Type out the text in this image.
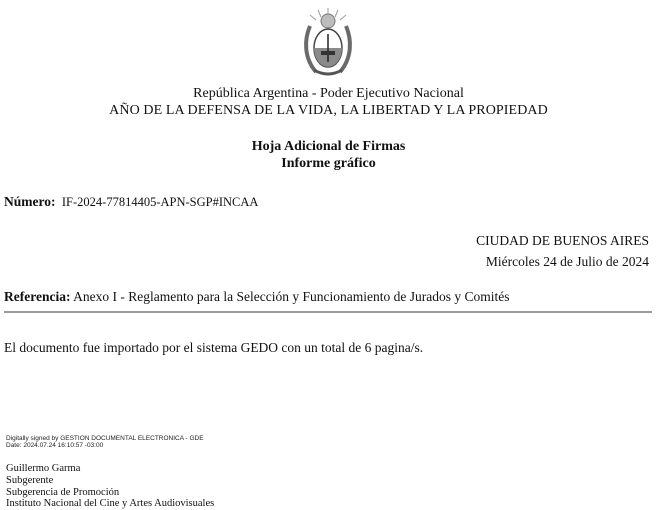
República Argentina - Poder Ejecutivo Nacional
AÑO DE LA DEFENSA DE LA VIDA, LA LIBERTAD Y LA PROPIEDAD
Hoja Adicional de Firmas
Informe gráfico
Número: IF-2024-77814405-APN-SGP#INCAA
CIUDAD DE BUENOS AIRES
Miércoles 24 de Julio de 2024
Referencia: Anexo I - Reglamento para la Selección y Funcionamiento de Jurados y Comités
El documento fue importado por el sistema GEDO con un total de 6 pagina/s.
Digitally signed by GESTION DOCUMENTAL ELECTRONICA - GDE
Date: 2024.07.24 16:10:57 -03:00
Guillermo Garma
Subgerente
Subgerencia de Promoción
Instituto Nacional del Cine y Artes Audiovisuales
